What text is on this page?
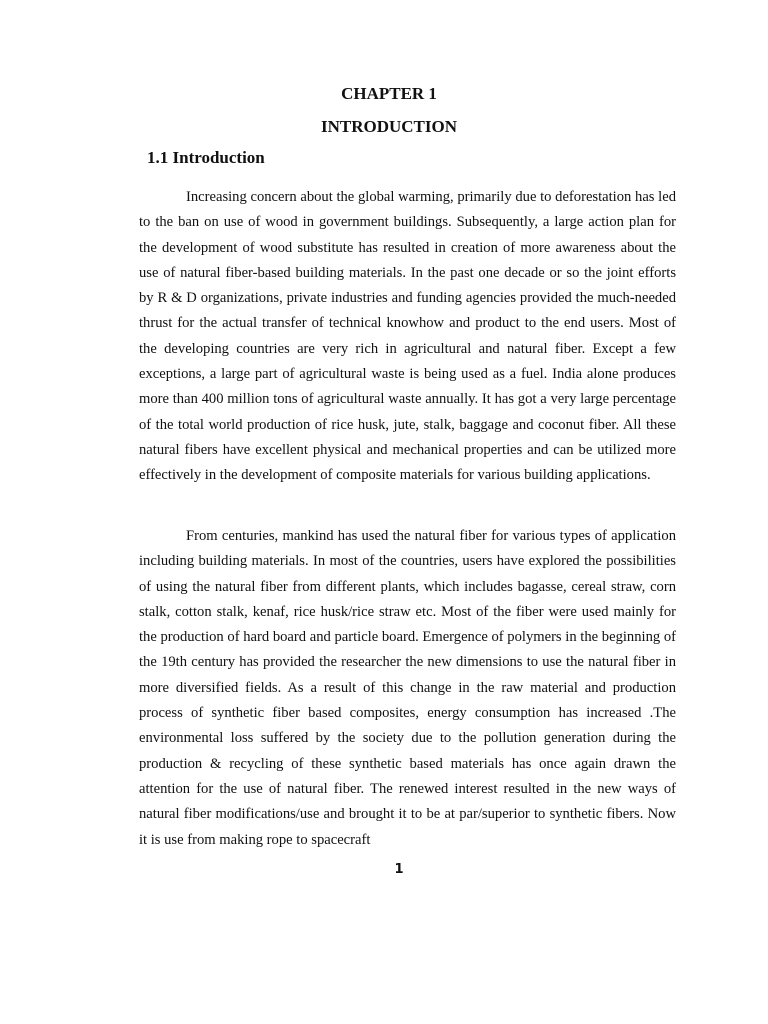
CHAPTER 1
INTRODUCTION
1.1 Introduction

Increasing concern about the global warming, primarily due to deforestation has led to the ban on use of wood in government buildings. Subsequently, a large action plan for the development of wood substitute has resulted in creation of more awareness about the use of natural fiber-based building materials. In the past one decade or so the joint efforts by R & D organizations, private industries and funding agencies provided the much-needed thrust for the actual transfer of technical knowhow and product to the end users. Most of the developing countries are very rich in agricultural and natural fiber. Except a few exceptions, a large part of agricultural waste is being used as a fuel. India alone produces more than 400 million tons of agricultural waste annually. It has got a very large percentage of the total world production of rice husk, jute, stalk, baggage and coconut fiber. All these natural fibers have excellent physical and mechanical properties and can be utilized more effectively in the development of composite materials for various building applications.

From centuries, mankind has used the natural fiber for various types of application including building materials. In most of the countries, users have explored the possibilities of using the natural fiber from different plants, which includes bagasse, cereal straw, corn stalk, cotton stalk, kenaf, rice husk/rice straw etc. Most of the fiber were used mainly for the production of hard board and particle board. Emergence of polymers in the beginning of the 19th century has provided the researcher the new dimensions to use the natural fiber in more diversified fields. As a result of this change in the raw material and production process of synthetic fiber based composites, energy consumption has increased .The environmental loss suffered by the society due to the pollution generation during the production & recycling of these synthetic based materials has once again drawn the attention for the use of natural fiber. The renewed interest resulted in the new ways of natural fiber modifications/use and brought it to be at par/superior to synthetic fibers. Now it is use from making rope to spacecraft

1
